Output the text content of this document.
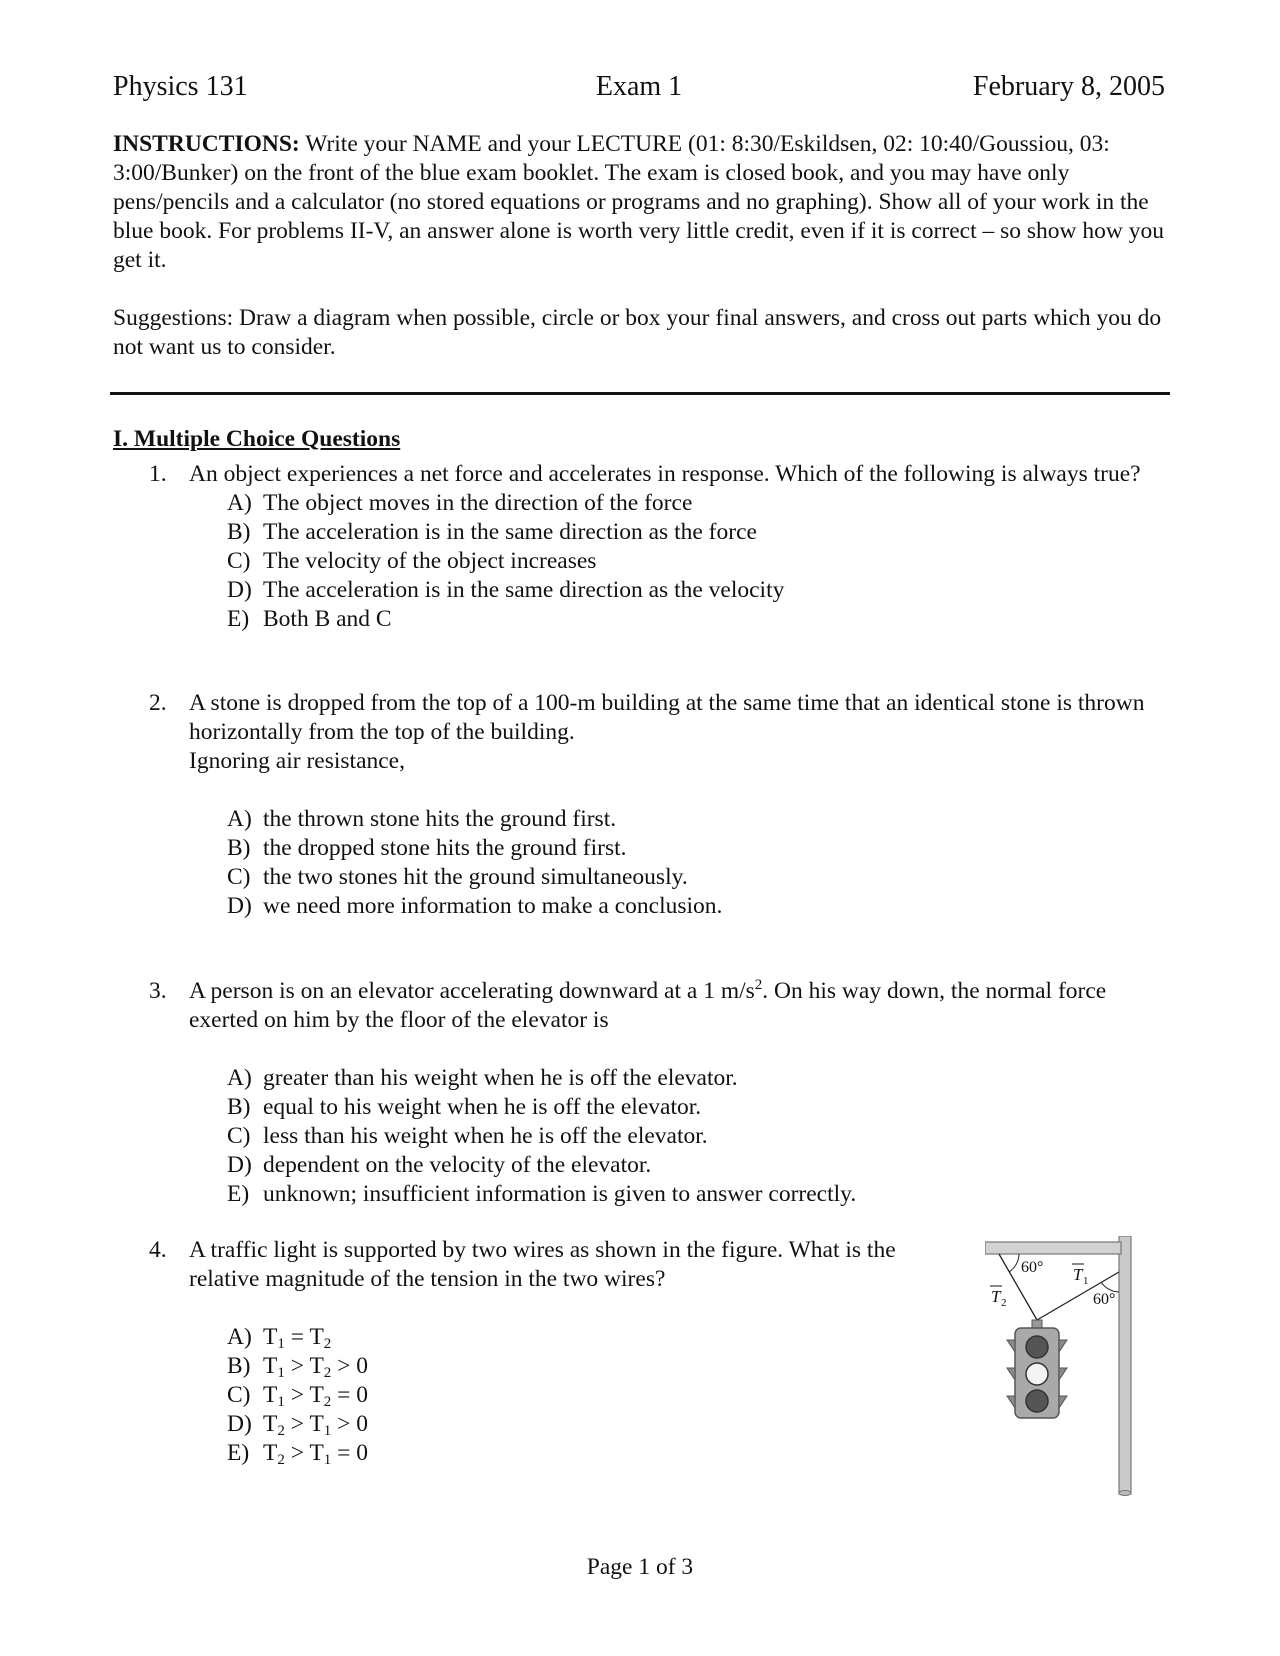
Physics 131	Exam 1	February 8, 2005
INSTRUCTIONS: Write your NAME and your LECTURE (01: 8:30/Eskildsen, 02: 10:40/Goussiou, 03: 3:00/Bunker) on the front of the blue exam booklet. The exam is closed book, and you may have only pens/pencils and a calculator (no stored equations or programs and no graphing). Show all of your work in the blue book. For problems II-V, an answer alone is worth very little credit, even if it is correct – so show how you get it.
Suggestions: Draw a diagram when possible, circle or box your final answers, and cross out parts which you do not want us to consider.
I. Multiple Choice Questions
1. An object experiences a net force and accelerates in response. Which of the following is always true?
A) The object moves in the direction of the force
B) The acceleration is in the same direction as the force
C) The velocity of the object increases
D) The acceleration is in the same direction as the velocity
E) Both B and C
2. A stone is dropped from the top of a 100-m building at the same time that an identical stone is thrown horizontally from the top of the building.
Ignoring air resistance,
A) the thrown stone hits the ground first.
B) the dropped stone hits the ground first.
C) the two stones hit the ground simultaneously.
D) we need more information to make a conclusion.
3. A person is on an elevator accelerating downward at a 1 $m/s^2$. On his way down, the normal force exerted on him by the floor of the elevator is
A) greater than his weight when he is off the elevator.
B) equal to his weight when he is off the elevator.
C) less than his weight when he is off the elevator.
D) dependent on the velocity of the elevator.
E) unknown; insufficient information is given to answer correctly.
4. A traffic light is supported by two wires as shown in the figure. What is the relative magnitude of the tension in the two wires?
A) $T_1 = T_2$
B) $T_1 > T_2 > 0$
C) $T_1 > T_2 = 0$
D) $T_2 > T_1 > 0$
E) $T_2 > T_1 = 0$
60°
60°
T 1
T 2
Page 1 of 3
